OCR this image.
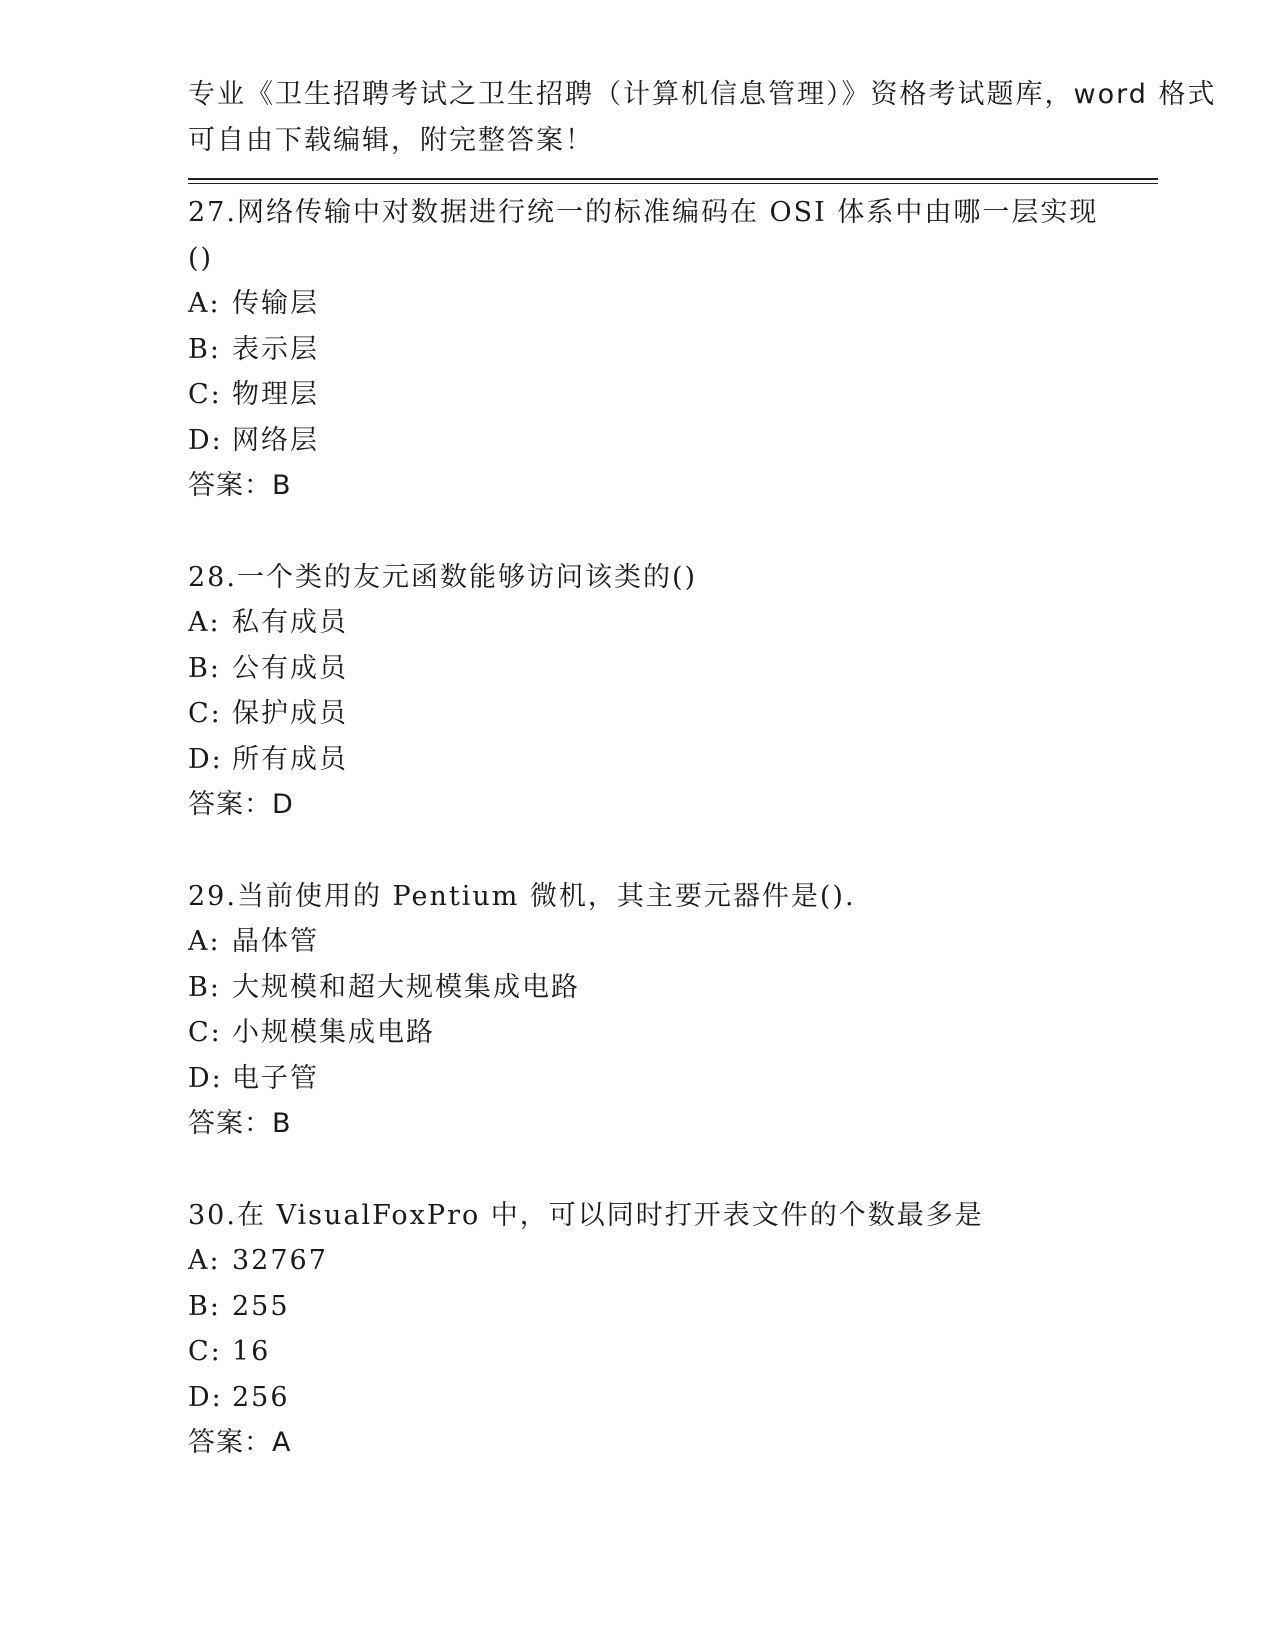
专业《卫生招聘考试之卫生招聘（计算机信息管理）》资格考试题库，word 格式
可自由下载编辑，附完整答案！
27.网络传输中对数据进行统一的标准编码在 OSI 体系中由哪一层实现
()
A: 传输层
B: 表示层
C: 物理层
D: 网络层
答案：B
28.一个类的友元函数能够访问该类的()
A: 私有成员
B: 公有成员
C: 保护成员
D: 所有成员
答案：D
29.当前使用的 Pentium 微机，其主要元器件是().
A: 晶体管
B: 大规模和超大规模集成电路
C: 小规模集成电路
D: 电子管
答案：B
30.在 VisualFoxPro 中，可以同时打开表文件的个数最多是
A: 32767
B: 255
C: 16
D: 256
答案：A
